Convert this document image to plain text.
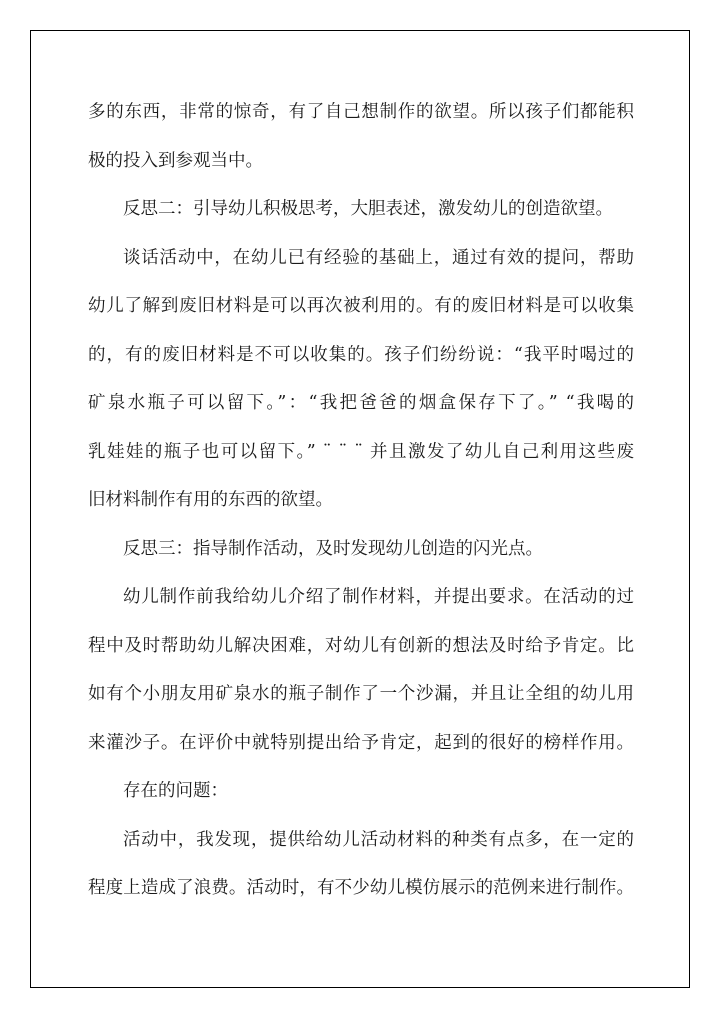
多的东西，非常的惊奇，有了自己想制作的欲望。所以孩子们都能积
极的投入到参观当中。
反思二：引导幼儿积极思考，大胆表述，激发幼儿的创造欲望。
谈话活动中，在幼儿已有经验的基础上，通过有效的提问，帮助
幼儿了解到废旧材料是可以再次被利用的。有的废旧材料是可以收集
的，有的废旧材料是不可以收集的。孩子们纷纷说：“我平时喝过的
矿泉水瓶子可以留下。”：“我把爸爸的烟盒保存下了。” “我喝的
乳娃娃的瓶子也可以留下。” ¨ ¨ ¨ 并且激发了幼儿自己利用这些废
旧材料制作有用的东西的欲望。
反思三：指导制作活动，及时发现幼儿创造的闪光点。
幼儿制作前我给幼儿介绍了制作材料，并提出要求。在活动的过
程中及时帮助幼儿解决困难，对幼儿有创新的想法及时给予肯定。比
如有个小朋友用矿泉水的瓶子制作了一个沙漏，并且让全组的幼儿用
来灌沙子。在评价中就特别提出给予肯定，起到的很好的榜样作用。
存在的问题：
活动中，我发现，提供给幼儿活动材料的种类有点多，在一定的
程度上造成了浪费。活动时，有不少幼儿模仿展示的范例来进行制作。
